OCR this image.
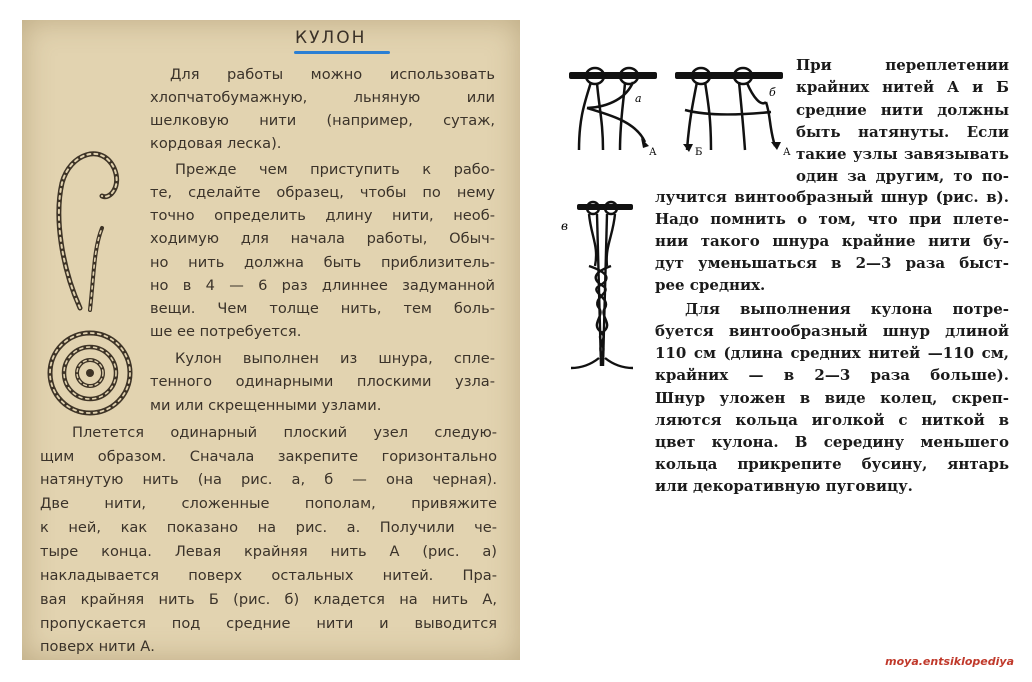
КУЛОН
Для работы можно использовать
хлопчатобумажную, льняную или
шелковую нити (например, сутаж,
кордовая леска).
Прежде чем приступить к рабо-
те, сделайте образец, чтобы по нему
точно определить длину нити, необ-
ходимую для начала работы, Обыч-
но нить должна быть приблизитель-
но в 4 — 6 раз длиннее задуманной
вещи. Чем толще нить, тем боль-
ше ее потребуется.
Кулон выполнен из шнура, спле-
тенного одинарными плоскими узла-
ми или скрещенными узлами.
Плетется одинарный плоский узел следую-
щим образом. Сначала закрепите горизонтально
натянутую нить (на рис. а, б — она черная).
Две нити, сложенные пополам, привяжите
к ней, как показано на рис. а. Получили че-
тыре конца. Левая крайняя нить А (рис. а)
накладывается поверх остальных нитей. Пра-
вая крайняя нить Б (рис. б) кладется на нить А,
пропускается под средние нити и выводится
поверх нити А.
а
А
б
Б	А
в
При переплетении
крайних нитей А и Б
средние нити должны
быть натянуты. Если
такие узлы завязывать
один за другим, то по-
лучится винтообразный шнур (рис. в).
Надо помнить о том, что при плете-
нии такого шнура крайние нити бу-
дут уменьшаться в 2—3 раза быст-
рее средних.
Для выполнения кулона потре-
буется винтообразный шнур длиной
110 см (длина средних нитей —110 см,
крайних — в 2—3 раза больше).
Шнур уложен в виде колец, скреп-
ляются кольца иголкой с ниткой в
цвет кулона. В середину меньшего
кольца прикрепите бусину, янтарь
или декоративную пуговицу.
moya.entsiklopediya
